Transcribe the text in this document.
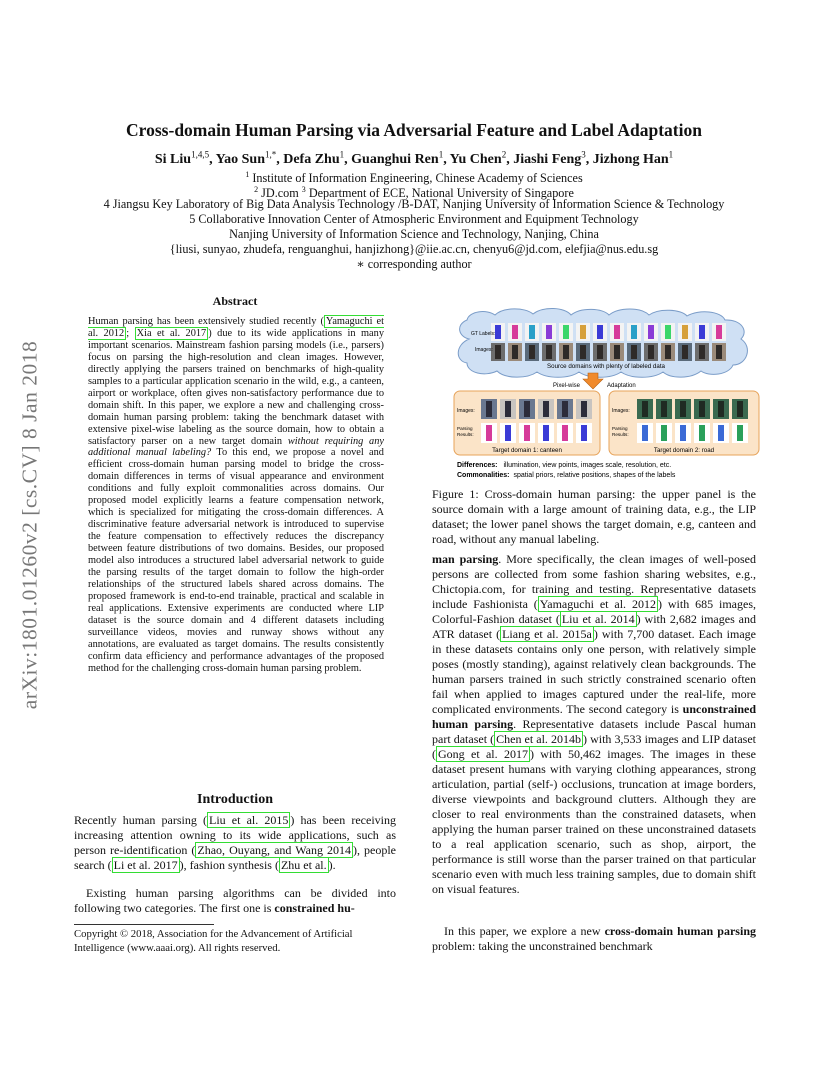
arXiv:1801.01260v2 [cs.CV] 8 Jan 2018
Cross-domain Human Parsing via Adversarial Feature and Label Adaptation
Si Liu$^{1,4,5}$, Yao Sun$^{1,*}$, Defa Zhu$^1$, Guanghui Ren$^1$, Yu Chen$^2$, Jiashi Feng$^3$, Jizhong Han$^1$
$^1$ Institute of Information Engineering, Chinese Academy of Sciences
$^2$ JD.com $^3$ Department of ECE, National University of Singapore
4 Jiangsu Key Laboratory of Big Data Analysis Technology /B-DAT, Nanjing University of Information Science & Technology
5 Collaborative Innovation Center of Atmospheric Environment and Equipment Technology
Nanjing University of Information Science and Technology, Nanjing, China
{liusi, sunyao, zhudefa, renguanghui, hanjizhong}@iie.ac.cn, chenyu6@jd.com, elefjia@nus.edu.sg
∗ corresponding author
Abstract
Human parsing has been extensively studied recently ( Yamaguchi et al. 2012 ; Xia et al. 2017 ) due to its wide applications in many important scenarios. Mainstream fashion parsing models (i.e., parsers) focus on parsing the high-resolution and clean images. However, directly applying the parsers trained on benchmarks of high-quality samples to a particular application scenario in the wild, e.g., a canteen, airport or workplace, often gives non-satisfactory performance due to domain shift. In this paper, we explore a new and challenging cross-domain human parsing problem: taking the benchmark dataset with extensive pixel-wise labeling as the source domain, how to obtain a satisfactory parser on a new target domain without requiring any additional manual labeling? To this end, we propose a novel and efficient cross-domain human parsing model to bridge the cross-domain differences in terms of visual appearance and environment conditions and fully exploit commonalities across domains. Our proposed model explicitly learns a feature compensation network, which is specialized for mitigating the cross-domain differences. A discriminative feature adversarial network is introduced to supervise the feature compensation to effectively reduces the discrepancy between feature distributions of two domains. Besides, our proposed model also introduces a structured label adversarial network to guide the parsing results of the target domain to follow the high-order relationships of the structured labels shared across domains. The proposed framework is end-to-end trainable, practical and scalable in real applications. Extensive experiments are conducted where LIP dataset is the source domain and 4 different datasets including surveillance videos, movies and runway shows without any annotations, are evaluated as target domains. The results consistently confirm data efficiency and performance advantages of the proposed method for the challenging cross-domain human parsing problem.
Introduction
Recently human parsing ( Liu et al. 2015 ) has been receiving increasing attention owning to its wide applications, such as person re-identification ( Zhao, Ouyang, and Wang 2014 ), people search ( Li et al. 2017 ), fashion synthesis ( Zhu et al. ).
Existing human parsing algorithms can be divided into following two categories. The first one is constrained hu-
Copyright © 2018, Association for the Advancement of Artificial Intelligence (www.aaai.org). All rights reserved.
GT Labels:
Images:
Source domains with plenty of labeled data
Pixel-wise	Adaptation
Images:
Parsing
Results:
Images:
Parsing
Results:
Target domain 1: canteen	Target domain 2: road
Differences: illumination, view points, images scale, resolution, etc.
Commonalities: spatial priors, relative positions, shapes of the labels
Figure 1: Cross-domain human parsing: the upper panel is the source domain with a large amount of training data, e.g., the LIP dataset; the lower panel shows the target domain, e.g, canteen and road, without any manual labeling.
man parsing. More specifically, the clean images of well-posed persons are collected from some fashion sharing websites, e.g., Chictopia.com, for training and testing. Representative datasets include Fashionista ( Yamaguchi et al. 2012 ) with 685 images, Colorful-Fashion dataset ( Liu et al. 2014 ) with 2,682 images and ATR dataset ( Liang et al. 2015a ) with 7,700 dataset. Each image in these datasets contains only one person, with relatively simple poses (mostly standing), against relatively clean backgrounds. The human parsers trained in such strictly constrained scenario often fail when applied to images captured under the real-life, more complicated environments. The second category is unconstrained human parsing. Representative datasets include Pascal human part dataset ( Chen et al. 2014b ) with 3,533 images and LIP dataset ( Gong et al. 2017 ) with 50,462 images. The images in these dataset present humans with varying clothing appearances, strong articulation, partial (self-) occlusions, truncation at image borders, diverse viewpoints and background clutters. Although they are closer to real environments than the constrained datasets, when applying the human parser trained on these unconstrained datasets to a real application scenario, such as shop, airport, the performance is still worse than the parser trained on that particular scenario even with much less training samples, due to domain shift on visual features.
In this paper, we explore a new cross-domain human parsing problem: taking the unconstrained benchmark
